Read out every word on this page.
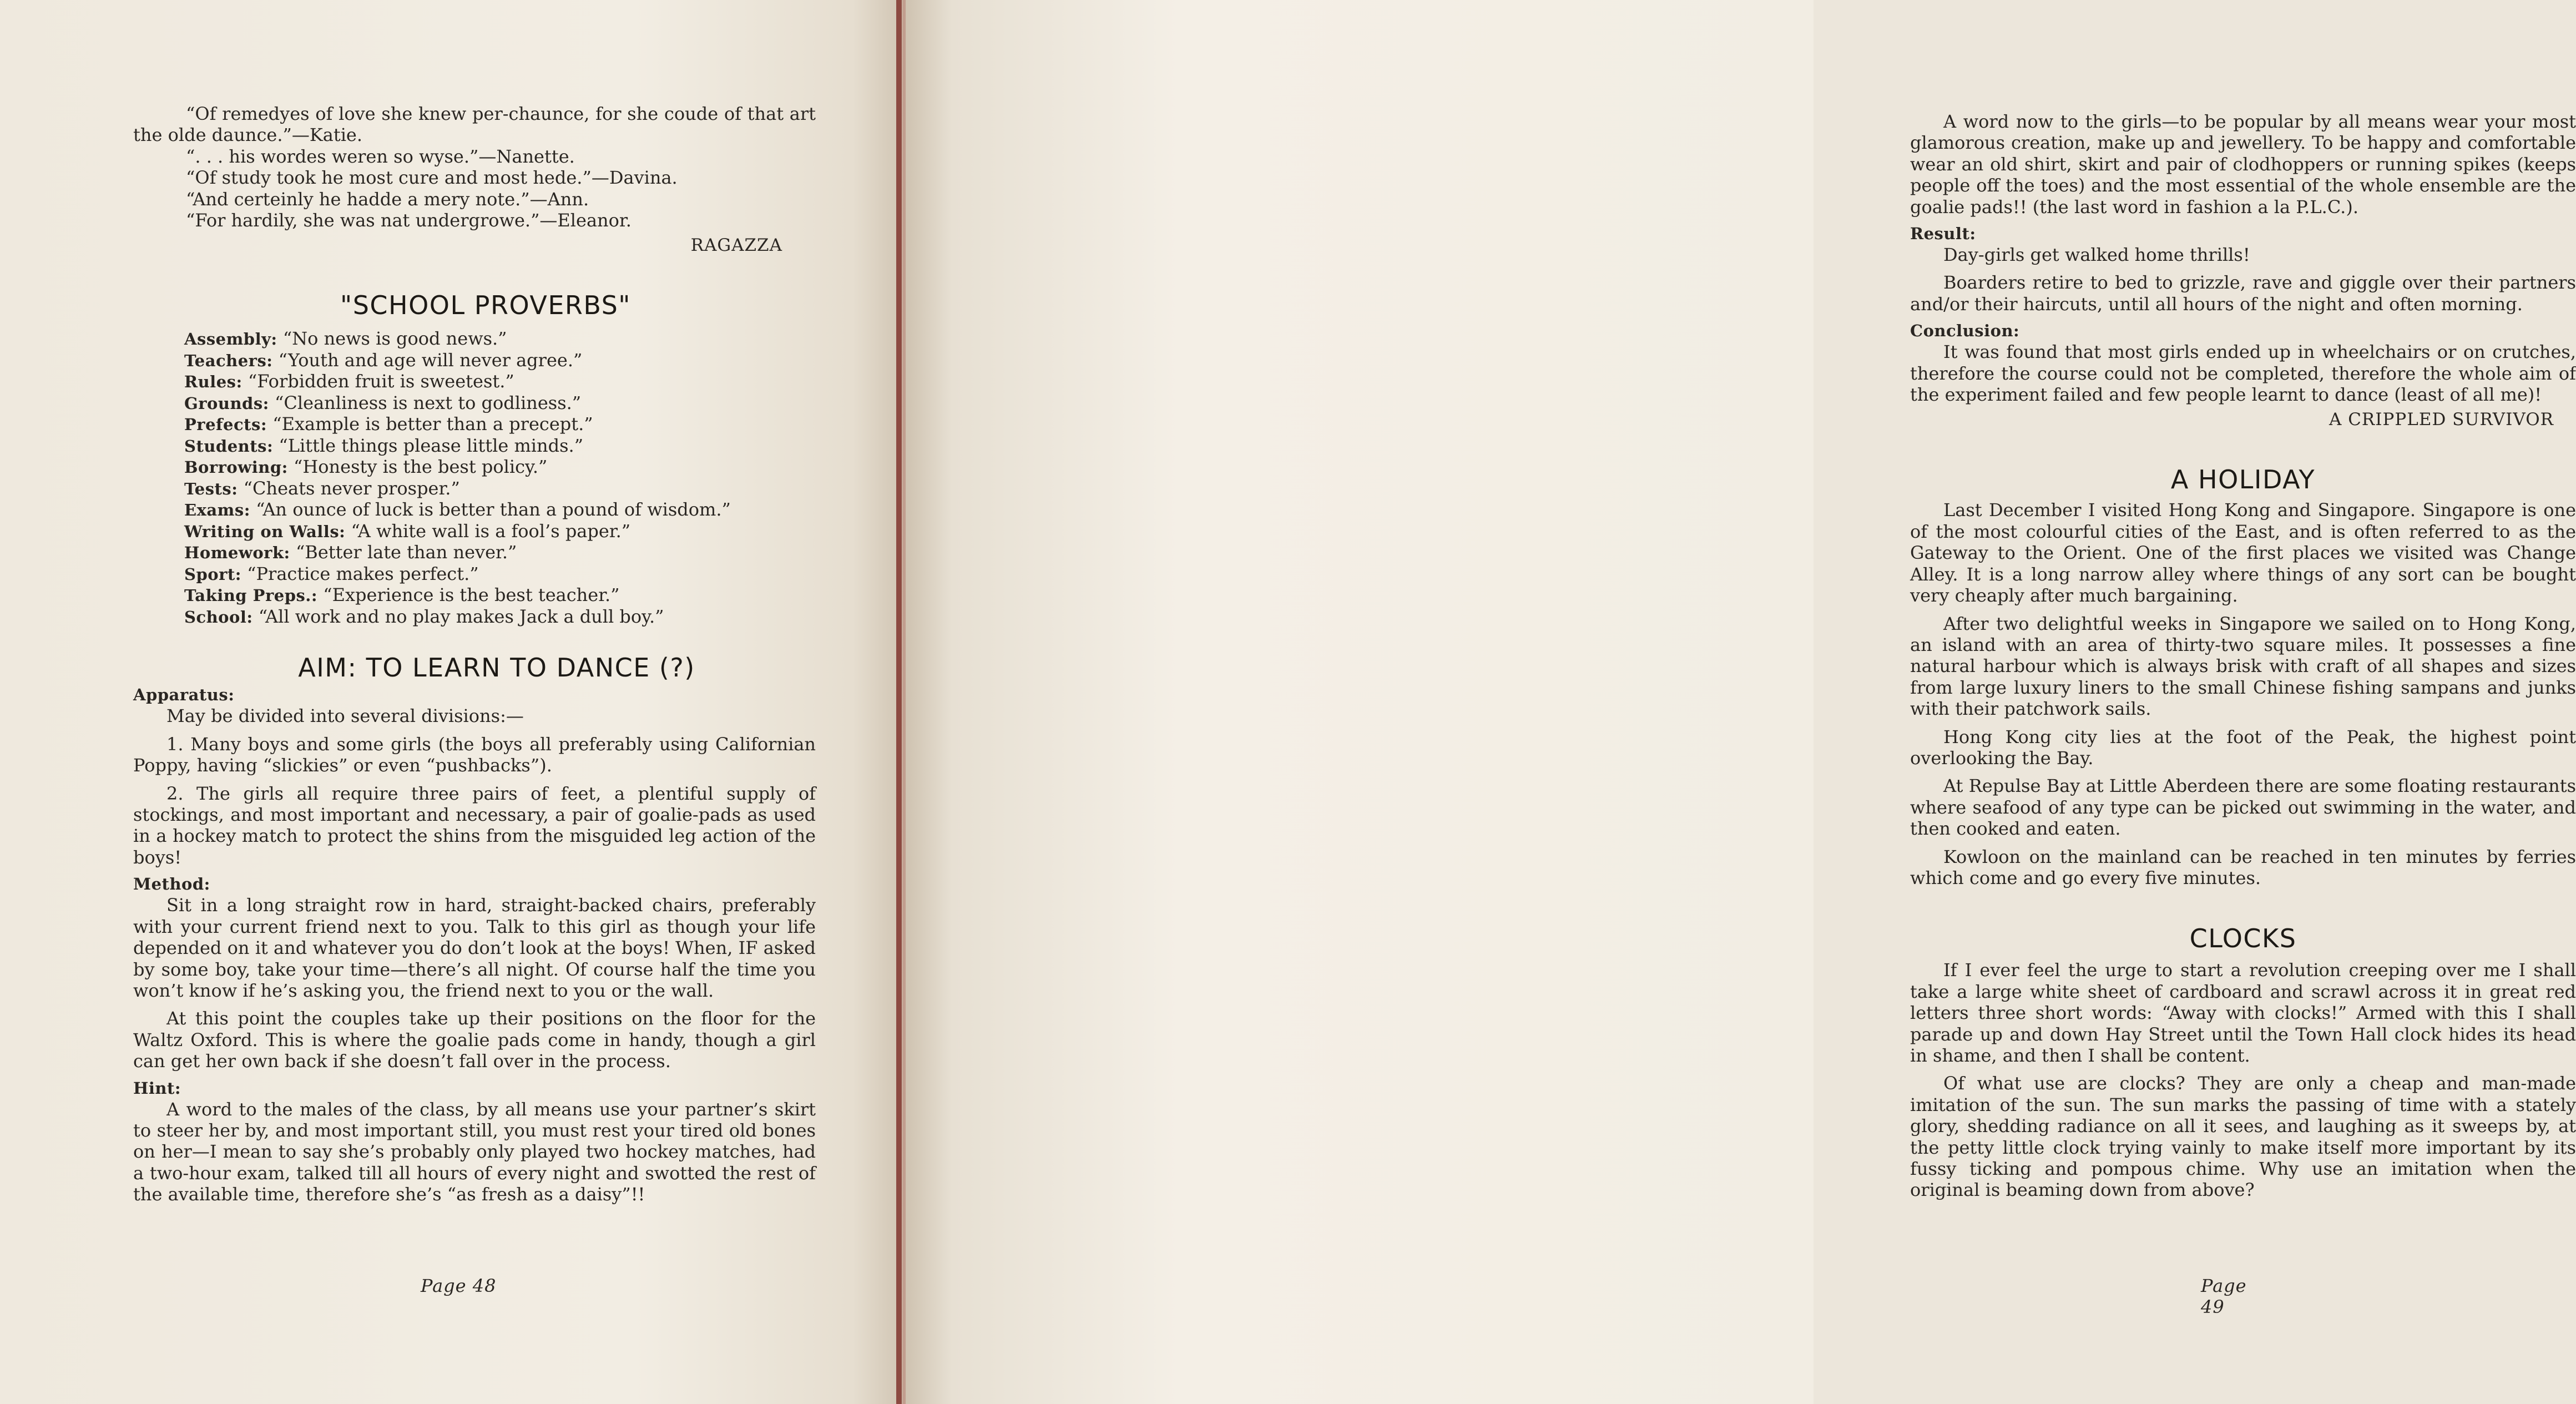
“Of remedyes of love she knew per-chaunce, for she coude of that art the olde daunce.”—Katie.

“. . . his wordes weren so wyse.”—Nanette.

“Of study took he most cure and most hede.”—Davina.

“And certeinly he hadde a mery note.”—Ann.

“For hardily, she was nat undergrowe.”—Eleanor.

RAGAZZA
"SCHOOL PROVERBS"
Assembly: “No news is good news.”
Teachers: “Youth and age will never agree.”
Rules: “Forbidden fruit is sweetest.”
Grounds: “Cleanliness is next to godliness.”
Prefects: “Example is better than a precept.”
Students: “Little things please little minds.”
Borrowing: “Honesty is the best policy.”
Tests: “Cheats never prosper.”
Exams: “An ounce of luck is better than a pound of wisdom.”
Writing on Walls: “A white wall is a fool’s paper.”
Homework: “Better late than never.”
Sport: “Practice makes perfect.”
Taking Preps.: “Experience is the best teacher.”
School: “All work and no play makes Jack a dull boy.”
AIM: TO LEARN TO DANCE (?)
Apparatus:

May be divided into several divisions:—

1. Many boys and some girls (the boys all preferably using Californian Poppy, having “slickies” or even “pushbacks”).

2. The girls all require three pairs of feet, a plentiful supply of stockings, and most important and necessary, a pair of goalie-pads as used in a hockey match to protect the shins from the misguided leg action of the boys!

Method:

Sit in a long straight row in hard, straight-backed chairs, preferably with your current friend next to you. Talk to this girl as though your life depended on it and whatever you do don’t look at the boys! When, IF asked by some boy, take your time—there’s all night. Of course half the time you won’t know if he’s asking you, the friend next to you or the wall.

At this point the couples take up their positions on the floor for the Waltz Oxford. This is where the goalie pads come in handy, though a girl can get her own back if she doesn’t fall over in the process.

Hint:

A word to the males of the class, by all means use your partner’s skirt to steer her by, and most important still, you must rest your tired old bones on her—I mean to say she’s probably only played two hockey matches, had a two-hour exam, talked till all hours of every night and swotted the rest of the available time, therefore she’s “as fresh as a daisy”!!

Page 48

A word now to the girls—to be popular by all means wear your most glamorous creation, make up and jewellery. To be happy and comfortable wear an old shirt, skirt and pair of clodhoppers or running spikes (keeps people off the toes) and the most essential of the whole ensemble are the goalie pads!! (the last word in fashion a la P.L.C.).

Result:

Day-girls get walked home thrills!

Boarders retire to bed to grizzle, rave and giggle over their partners and/or their haircuts, until all hours of the night and often morning.

Conclusion:

It was found that most girls ended up in wheelchairs or on crutches, therefore the course could not be completed, therefore the whole aim of the experiment failed and few people learnt to dance (least of all me)!

A CRIPPLED SURVIVOR
A HOLIDAY

Last December I visited Hong Kong and Singapore. Singapore is one of the most colourful cities of the East, and is often referred to as the Gateway to the Orient. One of the first places we visited was Change Alley. It is a long narrow alley where things of any sort can be bought very cheaply after much bargaining.

After two delightful weeks in Singapore we sailed on to Hong Kong, an island with an area of thirty-two square miles. It possesses a fine natural harbour which is always brisk with craft of all shapes and sizes from large luxury liners to the small Chinese fishing sampans and junks with their patchwork sails.

Hong Kong city lies at the foot of the Peak, the highest point overlooking the Bay.

At Repulse Bay at Little Aberdeen there are some floating restaurants where seafood of any type can be picked out swimming in the water, and then cooked and eaten.

Kowloon on the mainland can be reached in ten minutes by ferries which come and go every five minutes.

CLOCKS

If I ever feel the urge to start a revolution creeping over me I shall take a large white sheet of cardboard and scrawl across it in great red letters three short words: “Away with clocks!” Armed with this I shall parade up and down Hay Street until the Town Hall clock hides its head in shame, and then I shall be content.

Of what use are clocks? They are only a cheap and man-made imitation of the sun. The sun marks the passing of time with a stately glory, shedding radiance on all it sees, and laughing as it sweeps by, at the petty little clock trying vainly to make itself more important by its fussy ticking and pompous chime. Why use an imitation when the original is beaming down from above?

Page 49
